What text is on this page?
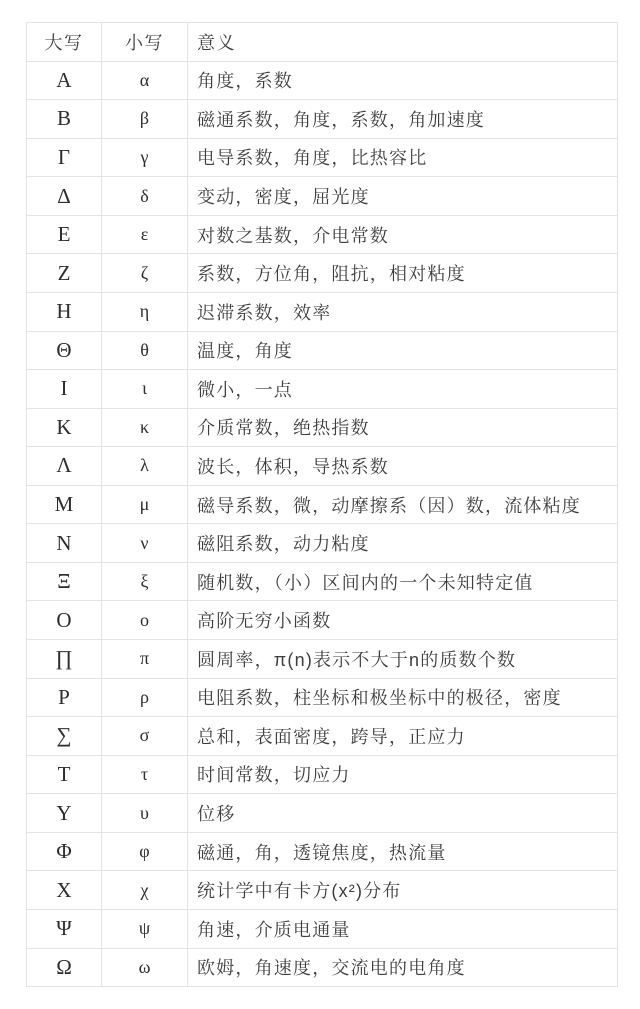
大写	小写	意义
A	α	角度，系数
B	β	磁通系数，角度，系数，角加速度
Γ	γ	电导系数，角度，比热容比
Δ	δ	变动，密度，屈光度
E	ε	对数之基数，介电常数
Z	ζ	系数，方位角，阻抗，相对粘度
H	η	迟滞系数，效率
Θ	θ	温度，角度
I	ι	微小，一点
K	κ	介质常数，绝热指数
Λ	λ	波长，体积，导热系数
M	μ	磁导系数，微，动摩擦系（因）数，流体粘度
N	ν	磁阻系数，动力粘度
Ξ	ξ	随机数，（小）区间内的一个未知特定值
O	ο	高阶无穷小函数
∏	π	圆周率，π(n)表示不大于n的质数个数
P	ρ	电阻系数，柱坐标和极坐标中的极径，密度
∑	σ	总和，表面密度，跨导，正应力
T	τ	时间常数，切应力
Y	υ	位移
Φ	φ	磁通，角，透镜焦度，热流量
X	χ	统计学中有卡方(x²)分布
Ψ	ψ	角速，介质电通量
Ω	ω	欧姆，角速度，交流电的电角度
